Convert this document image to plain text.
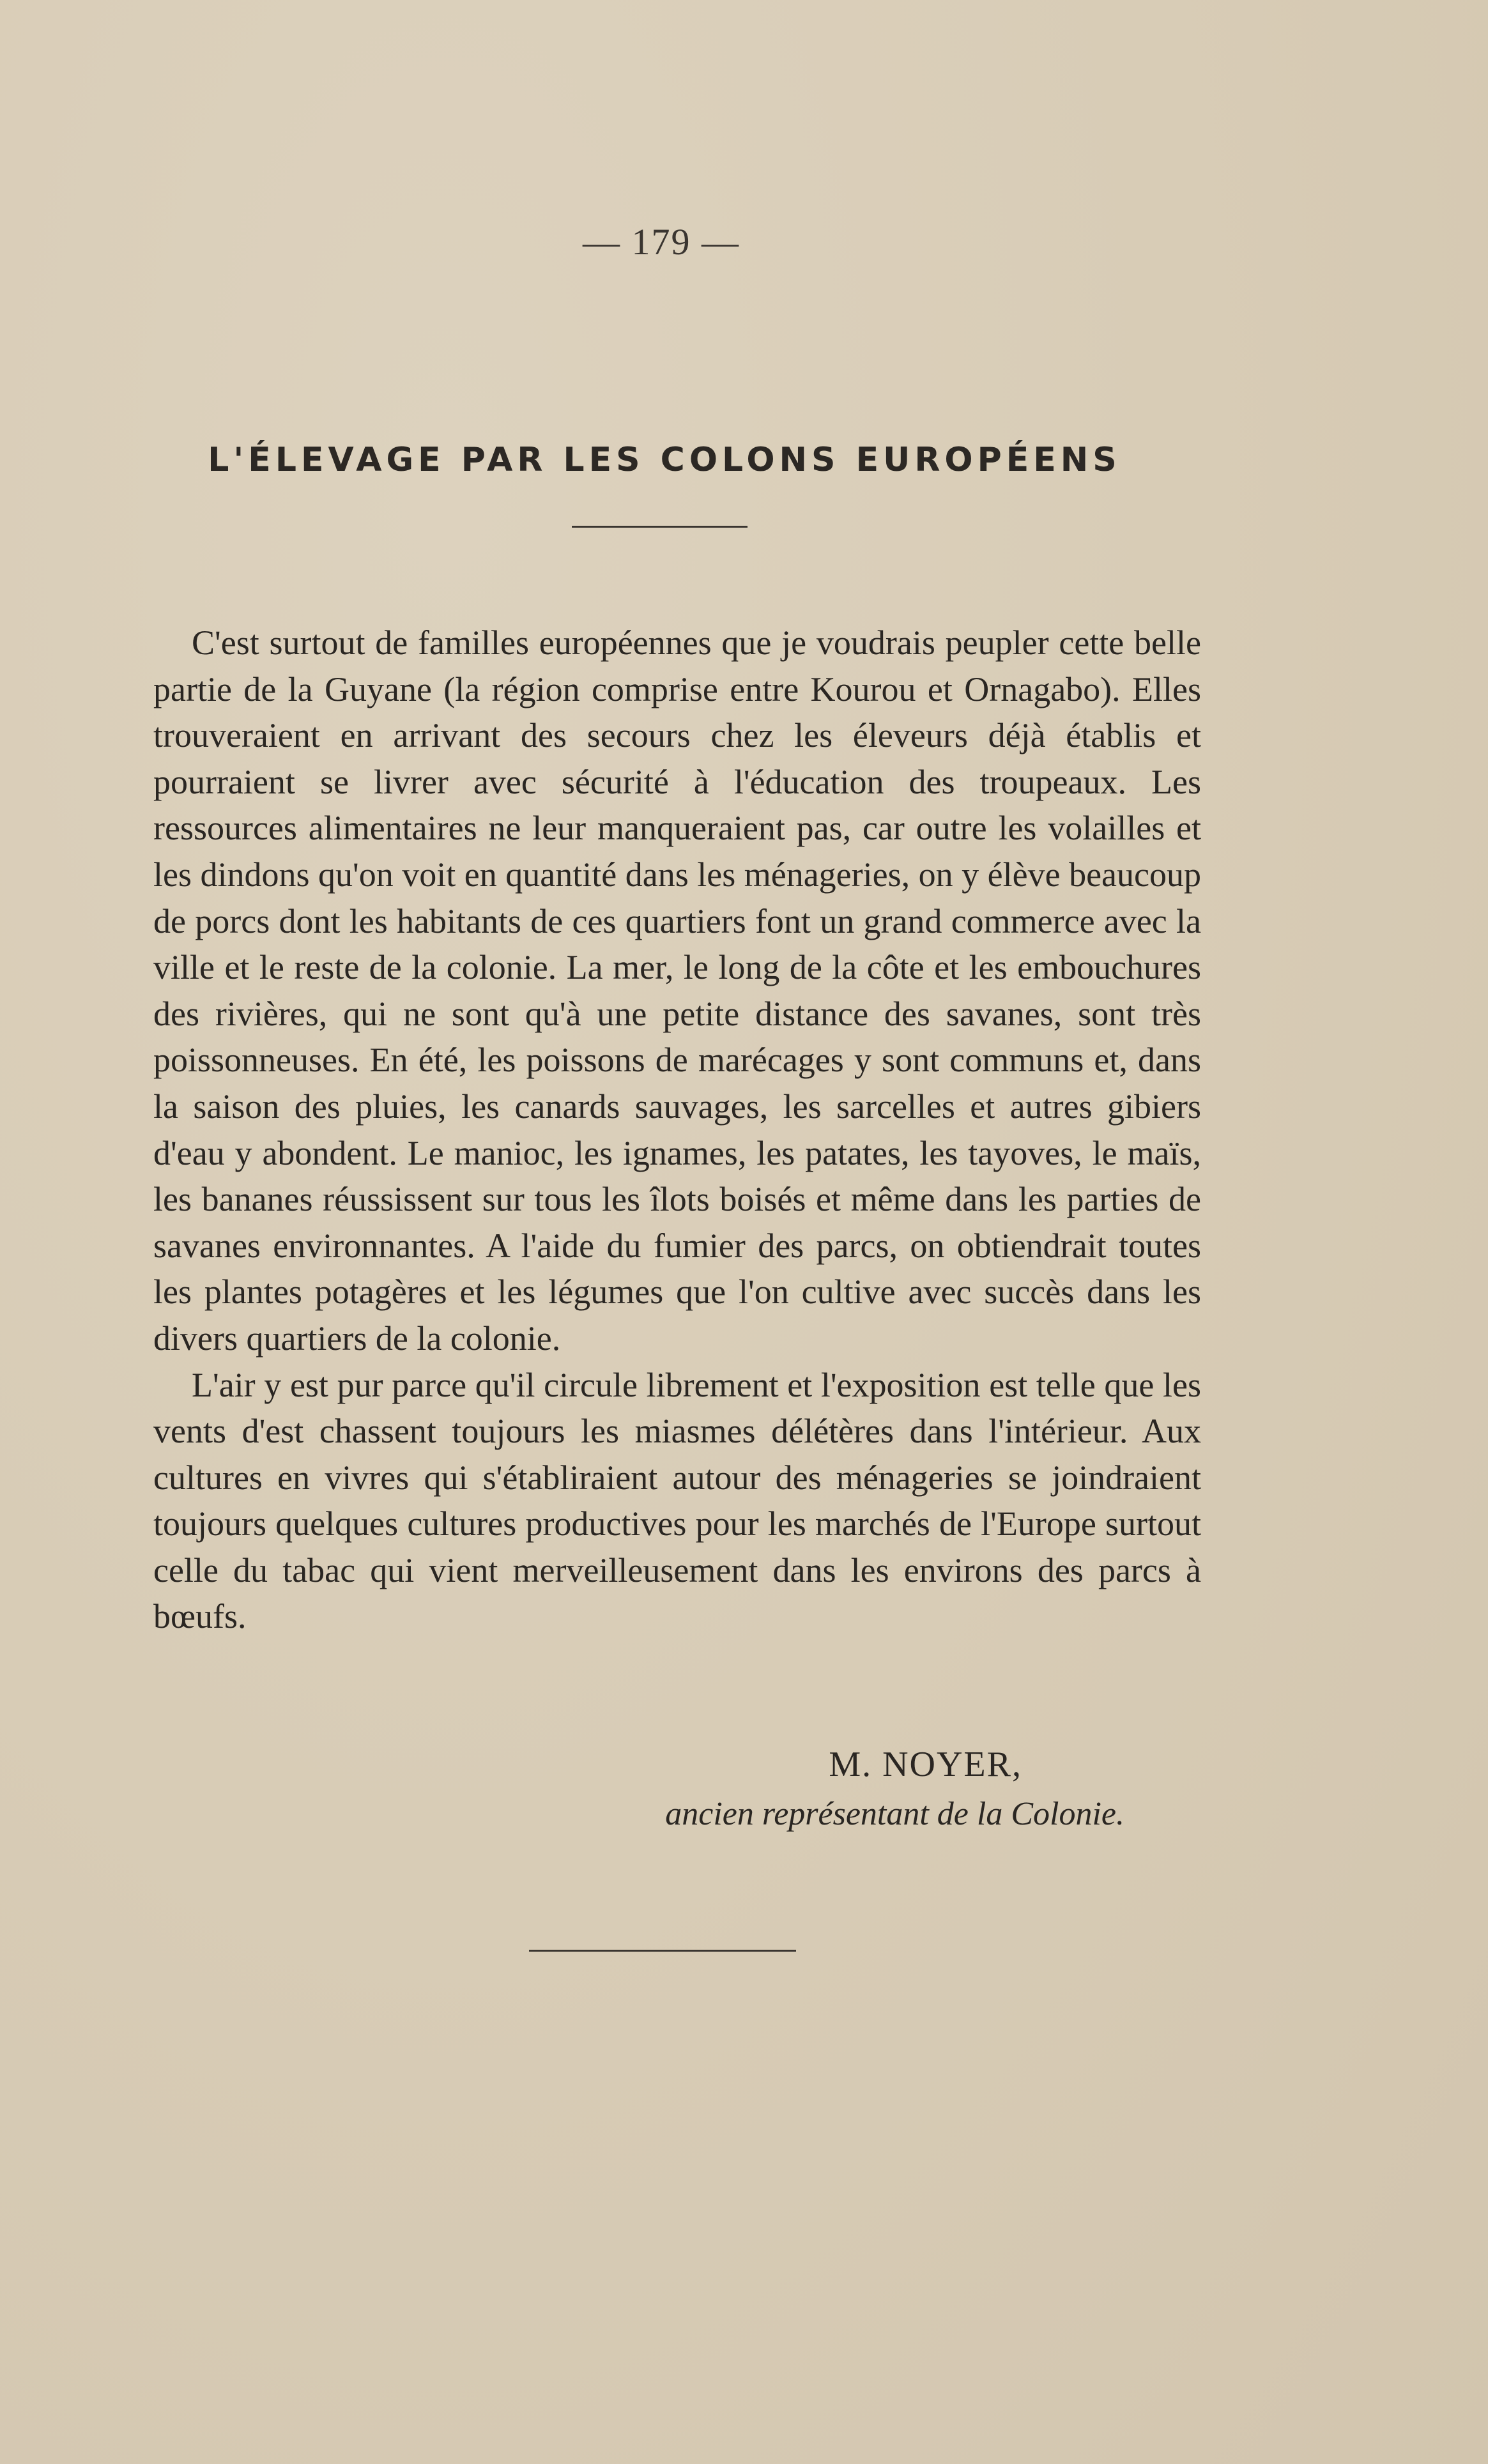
— 179 —
L'ÉLEVAGE PAR LES COLONS EUROPÉENS

C'est surtout de familles européennes que je voudrais peupler cette belle partie de la Guyane (la région comprise entre Kourou et Ornagabo). Elles trouveraient en arrivant des secours chez les éleveurs déjà établis et pourraient se livrer avec sécurité à l'éducation des troupeaux. Les ressources alimentaires ne leur manqueraient pas, car outre les volailles et les dindons qu'on voit en quantité dans les ménageries, on y élève beaucoup de porcs dont les habitants de ces quartiers font un grand commerce avec la ville et le reste de la colonie. La mer, le long de la côte et les embouchures des rivières, qui ne sont qu'à une petite distance des savanes, sont très poissonneuses. En été, les poissons de marécages y sont communs et, dans la saison des pluies, les canards sauvages, les sarcelles et autres gibiers d'eau y abondent. Le manioc, les ignames, les patates, les tayoves, le maïs, les bananes réussissent sur tous les îlots boisés et même dans les parties de savanes environnantes. A l'aide du fumier des parcs, on obtiendrait toutes les plantes potagères et les légumes que l'on cultive avec succès dans les divers quartiers de la colonie.

L'air y est pur parce qu'il circule librement et l'exposition est telle que les vents d'est chassent toujours les miasmes délétères dans l'intérieur. Aux cultures en vivres qui s'établiraient autour des ménageries se joindraient toujours quelques cultures productives pour les marchés de l'Europe surtout celle du tabac qui vient merveilleusement dans les environs des parcs à bœufs.

M. NOYER,
ancien représentant de la Colonie.
